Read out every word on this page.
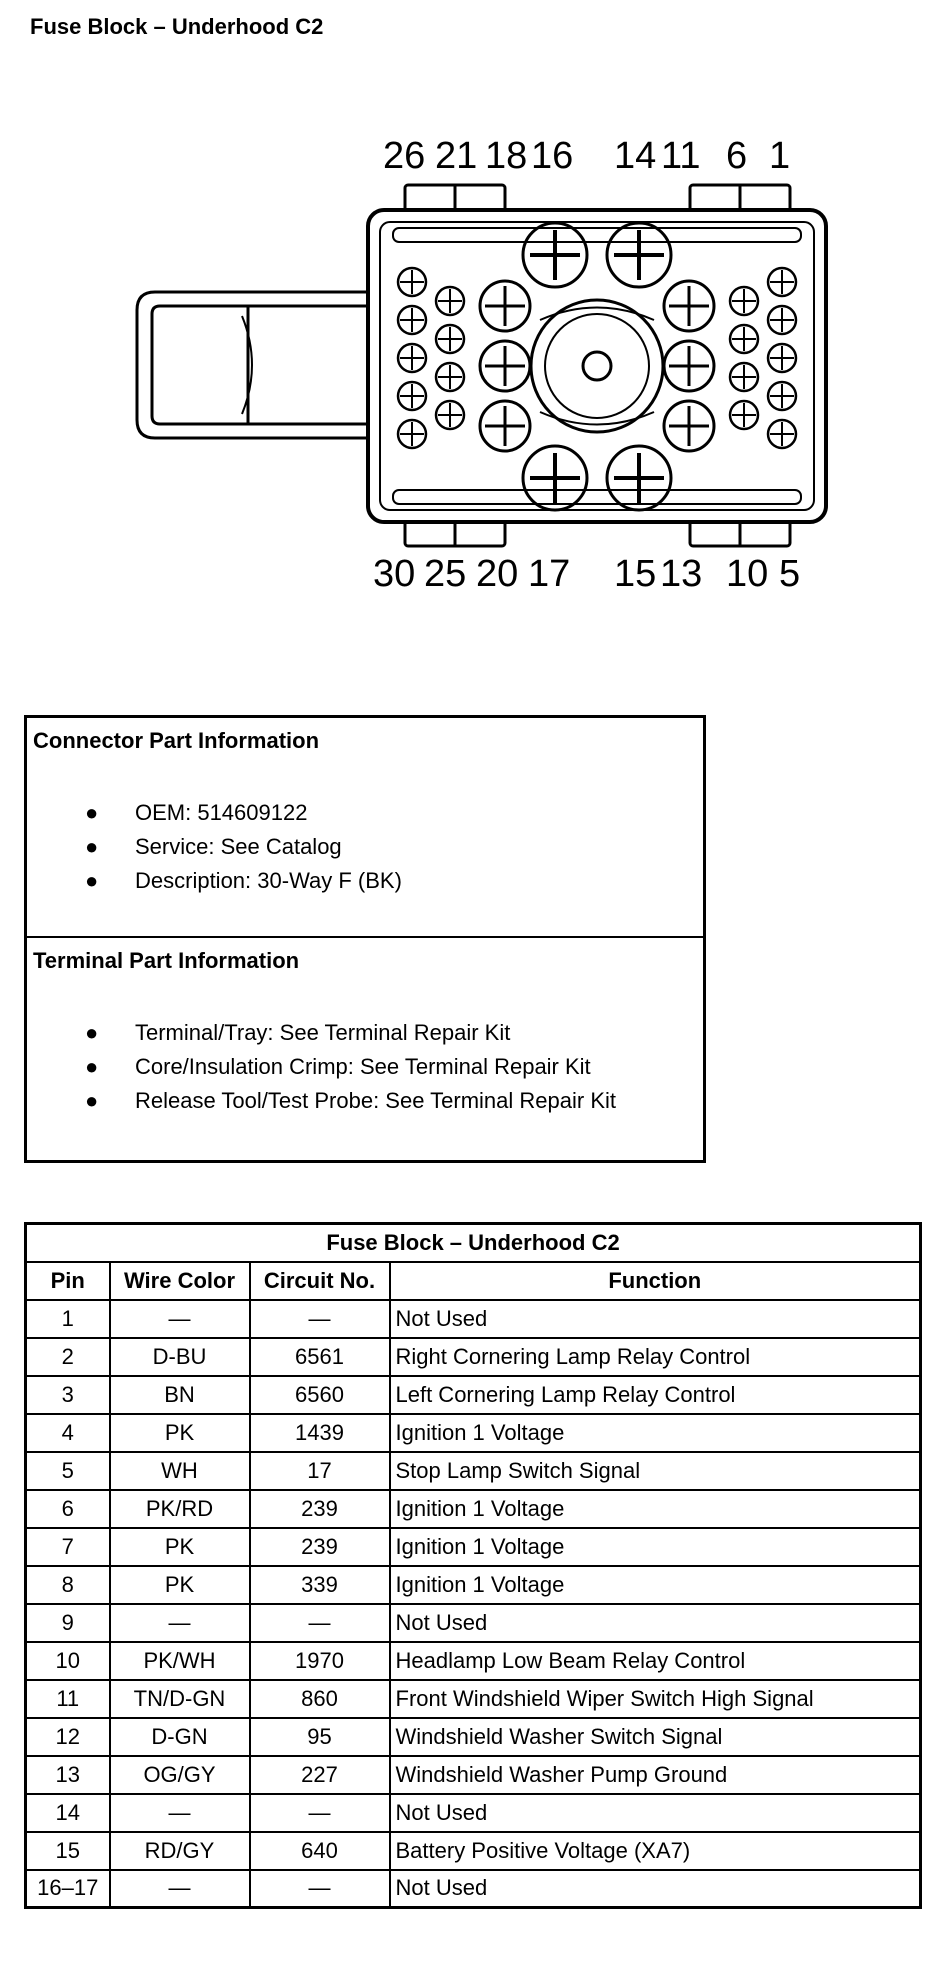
Fuse Block – Underhood C2
26 21 18 16 14 11 6 1
30 25 20 17 15 13 10 5
Connector Part Information
● OEM: 514609122
● Service: See Catalog
● Description: 30-Way F (BK)
Terminal Part Information
● Terminal/Tray: See Terminal Repair Kit
● Core/Insulation Crimp: See Terminal Repair Kit
● Release Tool/Test Probe: See Terminal Repair Kit
Fuse Block – Underhood C2			
Pin	Wire Color	Circuit No.	Function
1	—	—	Not Used
2	D-BU	6561	Right Cornering Lamp Relay Control
3	BN	6560	Left Cornering Lamp Relay Control
4	PK	1439	Ignition 1 Voltage
5	WH	17	Stop Lamp Switch Signal
6	PK/RD	239	Ignition 1 Voltage
7	PK	239	Ignition 1 Voltage
8	PK	339	Ignition 1 Voltage
9	—	—	Not Used
10	PK/WH	1970	Headlamp Low Beam Relay Control
11	TN/D-GN	860	Front Windshield Wiper Switch High Signal
12	D-GN	95	Windshield Washer Switch Signal
13	OG/GY	227	Windshield Washer Pump Ground
14	—	—	Not Used
15	RD/GY	640	Battery Positive Voltage (XA7)
16–17	—	—	Not Used
